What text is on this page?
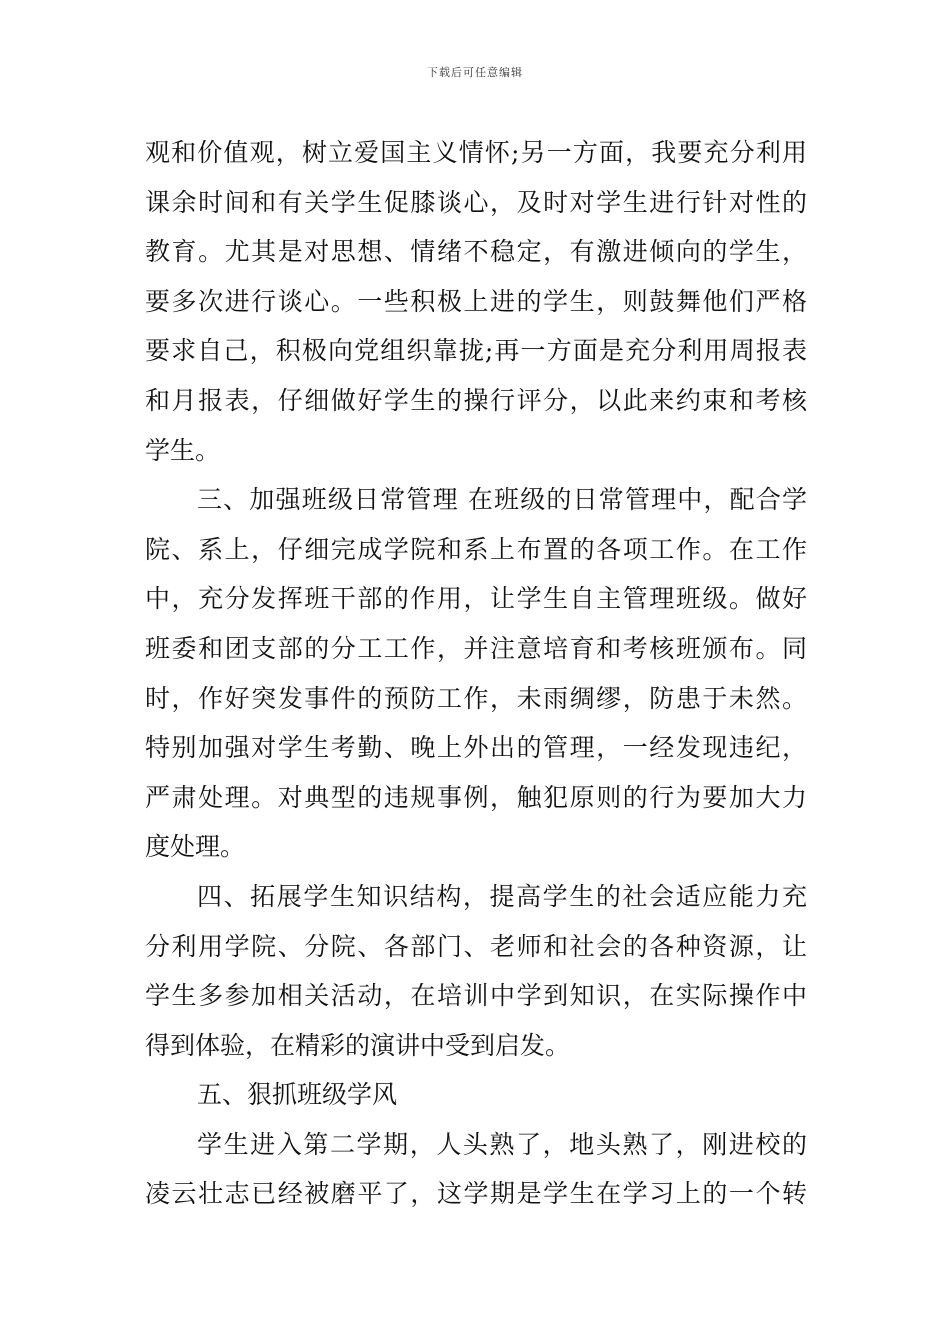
下载后可任意编辑
观和价值观，树立爱国主义情怀;另一方面，我要充分利用
课余时间和有关学生促膝谈心，及时对学生进行针对性的
教育。尤其是对思想、情绪不稳定，有激进倾向的学生，
要多次进行谈心。一些积极上进的学生，则鼓舞他们严格
要求自己，积极向党组织靠拢;再一方面是充分利用周报表
和月报表，仔细做好学生的操行评分，以此来约束和考核
学生。
三、加强班级日常管理 在班级的日常管理中，配合学
院、系上，仔细完成学院和系上布置的各项工作。在工作
中，充分发挥班干部的作用，让学生自主管理班级。做好
班委和团支部的分工工作，并注意培育和考核班颁布。同
时，作好突发事件的预防工作，未雨绸缪，防患于未然。
特别加强对学生考勤、晚上外出的管理，一经发现违纪，
严肃处理。对典型的违规事例，触犯原则的行为要加大力
度处理。
四、拓展学生知识结构，提高学生的社会适应能力充
分利用学院、分院、各部门、老师和社会的各种资源，让
学生多参加相关活动，在培训中学到知识，在实际操作中
得到体验，在精彩的演讲中受到启发。
五、狠抓班级学风
学生进入第二学期，人头熟了，地头熟了，刚进校的
凌云壮志已经被磨平了，这学期是学生在学习上的一个转
